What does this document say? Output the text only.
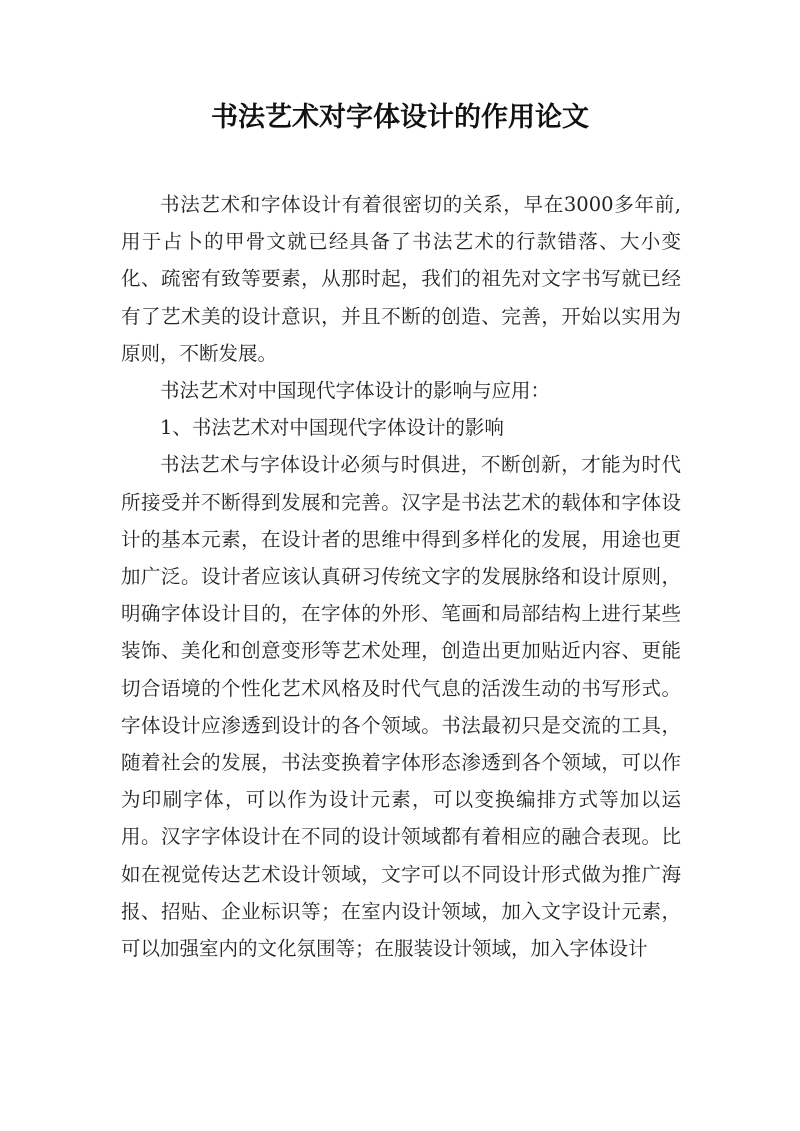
书法艺术对字体设计的作用论文

书法艺术和字体设计有着很密切的关系，早在3000多年前,用于占卜的甲骨文就已经具备了书法艺术的行款错落、大小变化、疏密有致等要素，从那时起，我们的祖先对文字书写就已经有了艺术美的设计意识，并且不断的创造、完善，开始以实用为原则，不断发展。

书法艺术对中国现代字体设计的影响与应用：

1、书法艺术对中国现代字体设计的影响

书法艺术与字体设计必须与时俱进，不断创新，才能为时代所接受并不断得到发展和完善。汉字是书法艺术的载体和字体设计的基本元素，在设计者的思维中得到多样化的发展，用途也更加广泛。设计者应该认真研习传统文字的发展脉络和设计原则，明确字体设计目的，在字体的外形、笔画和局部结构上进行某些装饰、美化和创意变形等艺术处理，创造出更加贴近内容、更能切合语境的个性化艺术风格及时代气息的活泼生动的书写形式。字体设计应渗透到设计的各个领域。书法最初只是交流的工具，随着社会的发展，书法变换着字体形态渗透到各个领域，可以作为印刷字体，可以作为设计元素，可以变换编排方式等加以运用。汉字字体设计在不同的设计领域都有着相应的融合表现。比如在视觉传达艺术设计领域，文字可以不同设计形式做为推广海报、招贴、企业标识等；在室内设计领域，加入文字设计元素，可以加强室内的文化氛围等；在服装设计领域，加入字体设计
